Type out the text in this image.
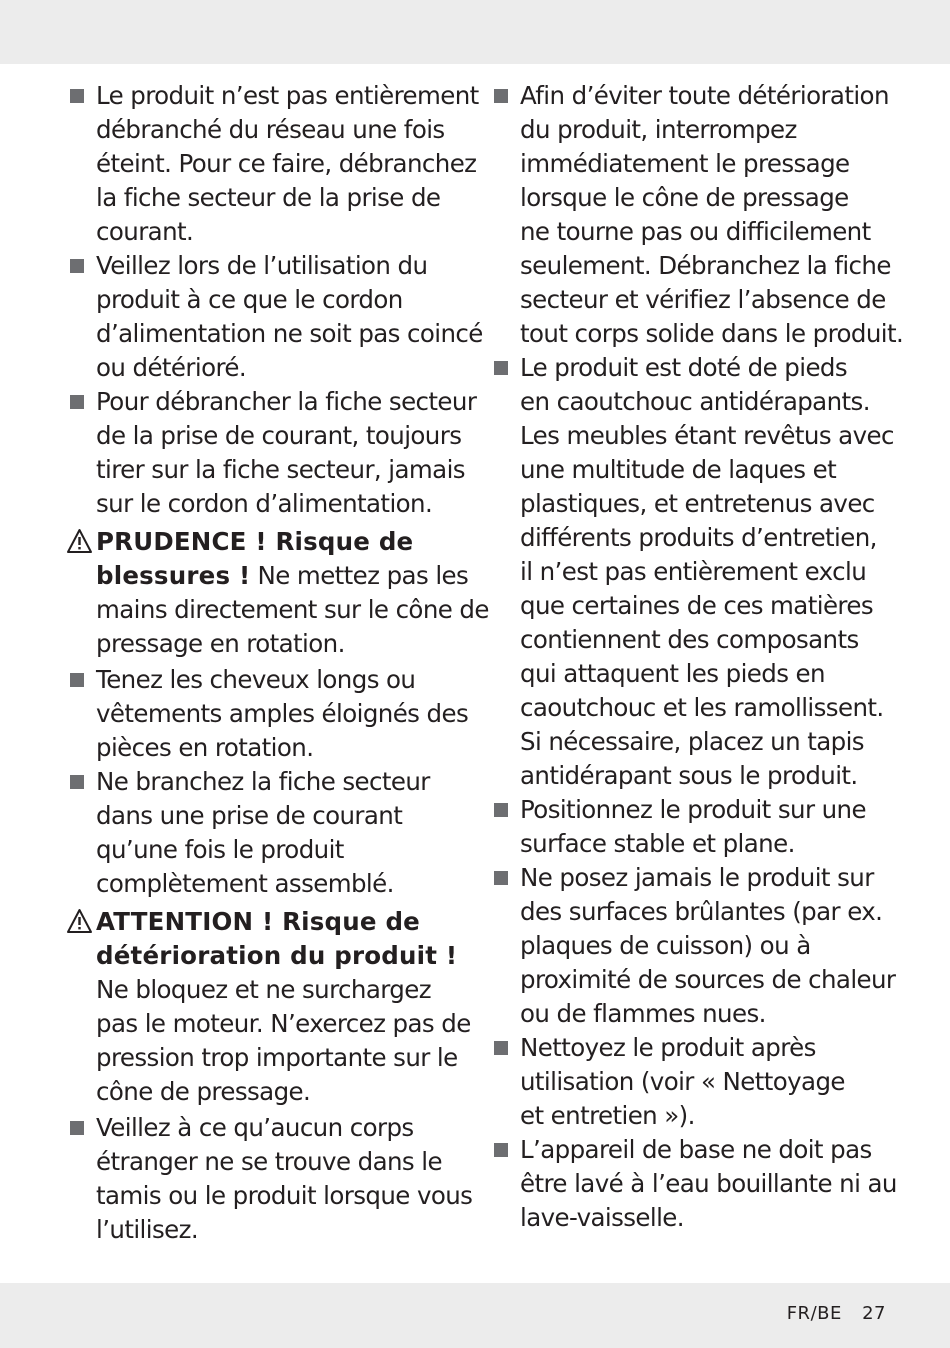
Le produit n’est pas entièrement
débranché du réseau une fois
éteint. Pour ce faire, débranchez
la fiche secteur de la prise de
courant.
Veillez lors de l’utilisation du
produit à ce que le cordon
d’alimentation ne soit pas coincé
ou détérioré.
Pour débrancher la fiche secteur
de la prise de courant, toujours
tirer sur la fiche secteur, jamais
sur le cordon d’alimentation.
PRUDENCE ! Risque de
blessures ! Ne mettez pas les
mains directement sur le cône de
pressage en rotation.
Tenez les cheveux longs ou
vêtements amples éloignés des
pièces en rotation.
Ne branchez la fiche secteur
dans une prise de courant
qu’une fois le produit
complètement assemblé.
ATTENTION ! Risque de
détérioration du produit !
Ne bloquez et ne surchargez
pas le moteur. N’exercez pas de
pression trop importante sur le
cône de pressage.
Veillez à ce qu’aucun corps
étranger ne se trouve dans le
tamis ou le produit lorsque vous
l’utilisez.
Afin d’éviter toute détérioration
du produit, interrompez
immédiatement le pressage
lorsque le cône de pressage
ne tourne pas ou difficilement
seulement. Débranchez la fiche
secteur et vérifiez l’absence de
tout corps solide dans le produit.
Le produit est doté de pieds
en caoutchouc antidérapants.
Les meubles étant revêtus avec
une multitude de laques et
plastiques, et entretenus avec
différents produits d’entretien,
il n’est pas entièrement exclu
que certaines de ces matières
contiennent des composants
qui attaquent les pieds en
caoutchouc et les ramollissent.
Si nécessaire, placez un tapis
antidérapant sous le produit.
Positionnez le produit sur une
surface stable et plane.
Ne posez jamais le produit sur
des surfaces brûlantes (par ex.
plaques de cuisson) ou à
proximité de sources de chaleur
ou de flammes nues.
Nettoyez le produit après
utilisation (voir « Nettoyage
et entretien »).
L’appareil de base ne doit pas
être lavé à l’eau bouillante ni au
lave-vaisselle.
FR/BE 27
